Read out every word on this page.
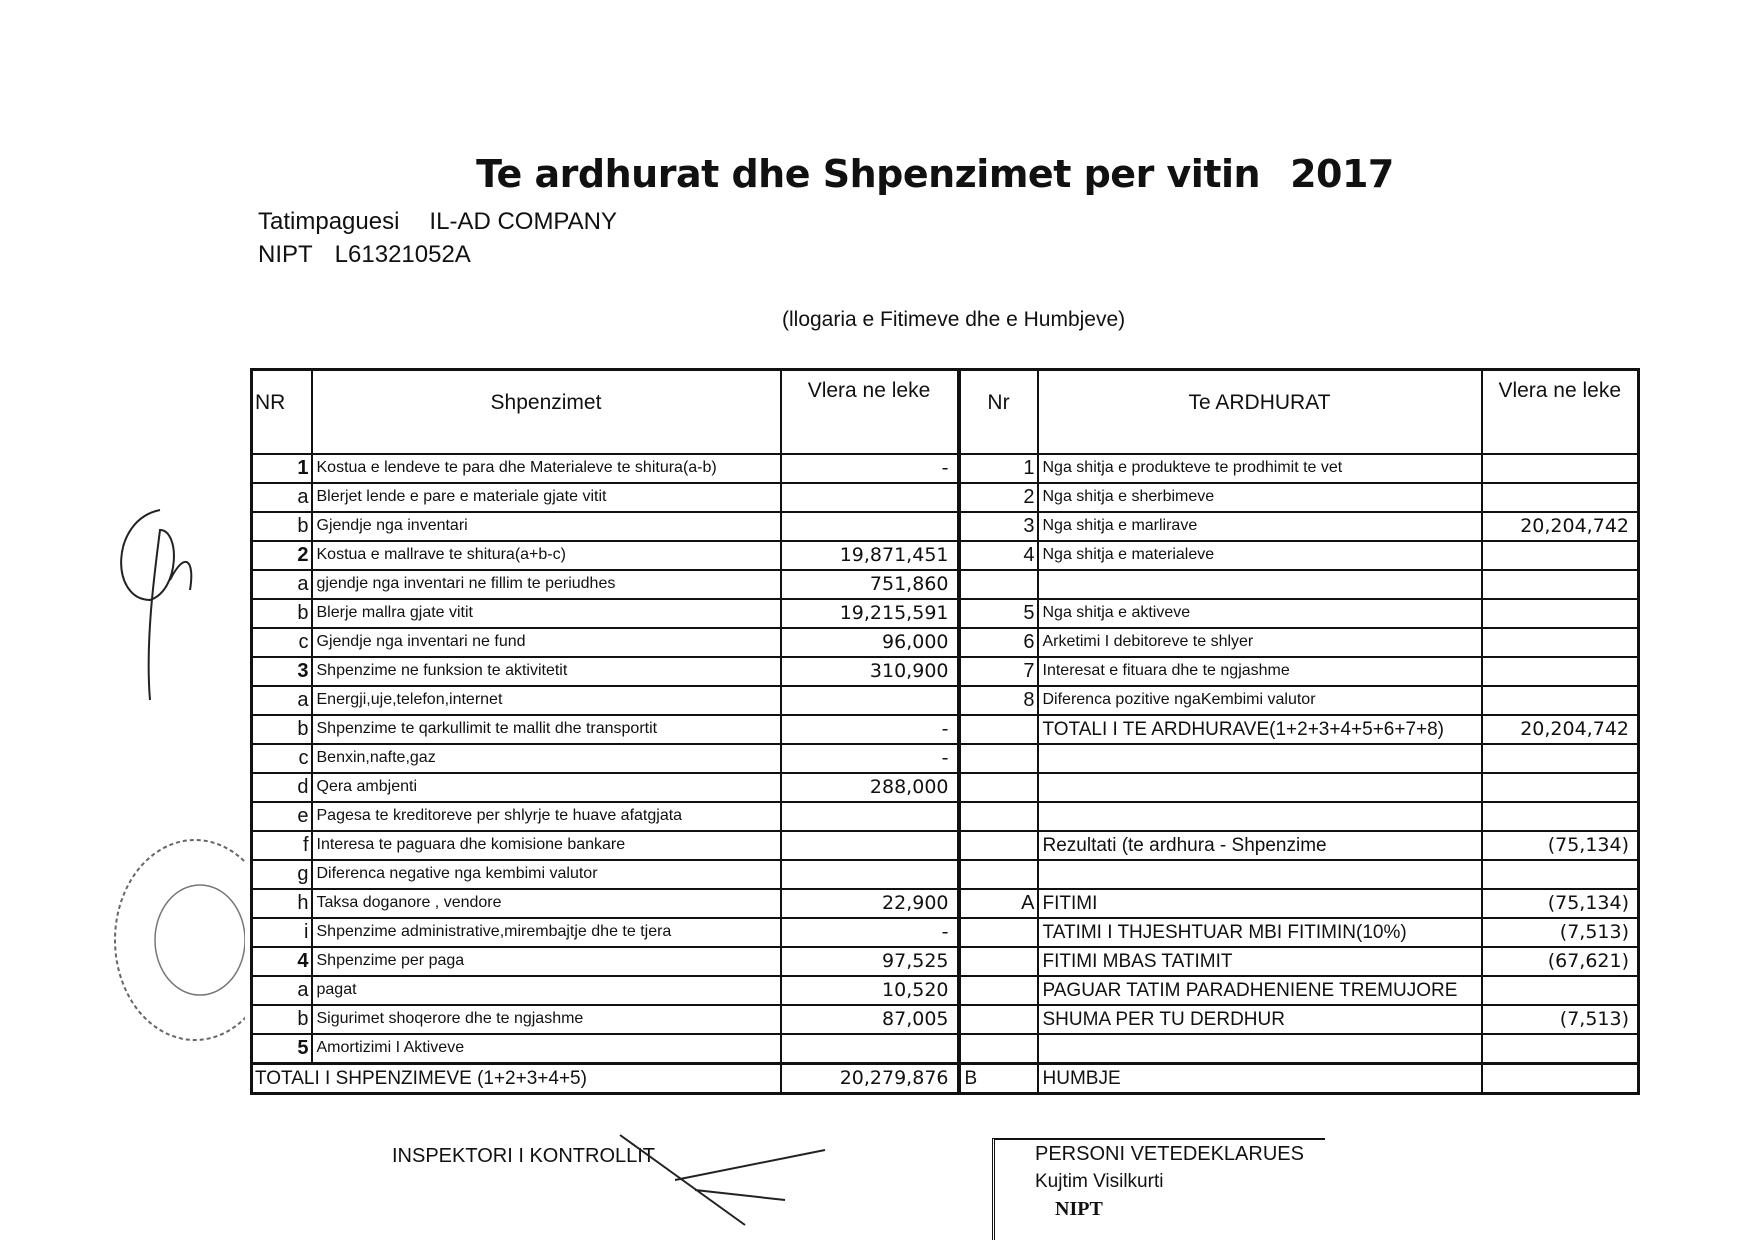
Te ardhurat dhe Shpenzimet per vitin 2017
Tatimpaguesi IL-AD COMPANY
NIPT L61321052A
(llogaria e Fitimeve dhe e Humbjeve)
NR	Shpenzimet	Vlera ne leke	Nr	Te ARDHURAT	Vlera ne leke
1	Kostua e lendeve te para dhe Materialeve te shitura(a-b)	-	1	Nga shitja e produkteve te prodhimit te vet	
a	Blerjet lende e pare e materiale gjate vitit		2	Nga shitja e sherbimeve	
b	Gjendje nga inventari		3	Nga shitja e marlirave	20,204,742
2	Kostua e mallrave te shitura(a+b-c)	19,871,451	4	Nga shitja e materialeve	
a	gjendje nga inventari ne fillim te periudhes	751,860			
b	Blerje mallra gjate vitit	19,215,591	5	Nga shitja e aktiveve	
c	Gjendje nga inventari ne fund	96,000	6	Arketimi I debitoreve te shlyer	
3	Shpenzime ne funksion te aktivitetit	310,900	7	Interesat e fituara dhe te ngjashme	
a	Energji,uje,telefon,internet		8	Diferenca pozitive ngaKembimi valutor	
b	Shpenzime te qarkullimit te mallit dhe transportit	-		TOTALI I TE ARDHURAVE(1+2+3+4+5+6+7+8)	20,204,742
c	Benxin,nafte,gaz	-			
d	Qera ambjenti	288,000			
e	Pagesa te kreditoreve per shlyrje te huave afatgjata				
f	Interesa te paguara dhe komisione bankare			Rezultati (te ardhura - Shpenzime	(75,134)
g	Diferenca negative nga kembimi valutor				
h	Taksa doganore , vendore	22,900	A	FITIMI	(75,134)
i	Shpenzime administrative,mirembajtje dhe te tjera	-		TATIMI I THJESHTUAR MBI FITIMIN(10%)	(7,513)
4	Shpenzime per paga	97,525		FITIMI MBAS TATIMIT	(67,621)
a	pagat	10,520		PAGUAR TATIM PARADHENIENE TREMUJORE	
b	Sigurimet shoqerore dhe te ngjashme	87,005		SHUMA PER TU DERDHUR	(7,513)
5	Amortizimi I Aktiveve				
TOTALI I SHPENZIMEVE (1+2+3+4+5)		20,279,876	B	HUMBJE	
INSPEKTORI I KONTROLLIT	PERSONI VETEDEKLARUES
Kujtim Visilkurti
NIPT
